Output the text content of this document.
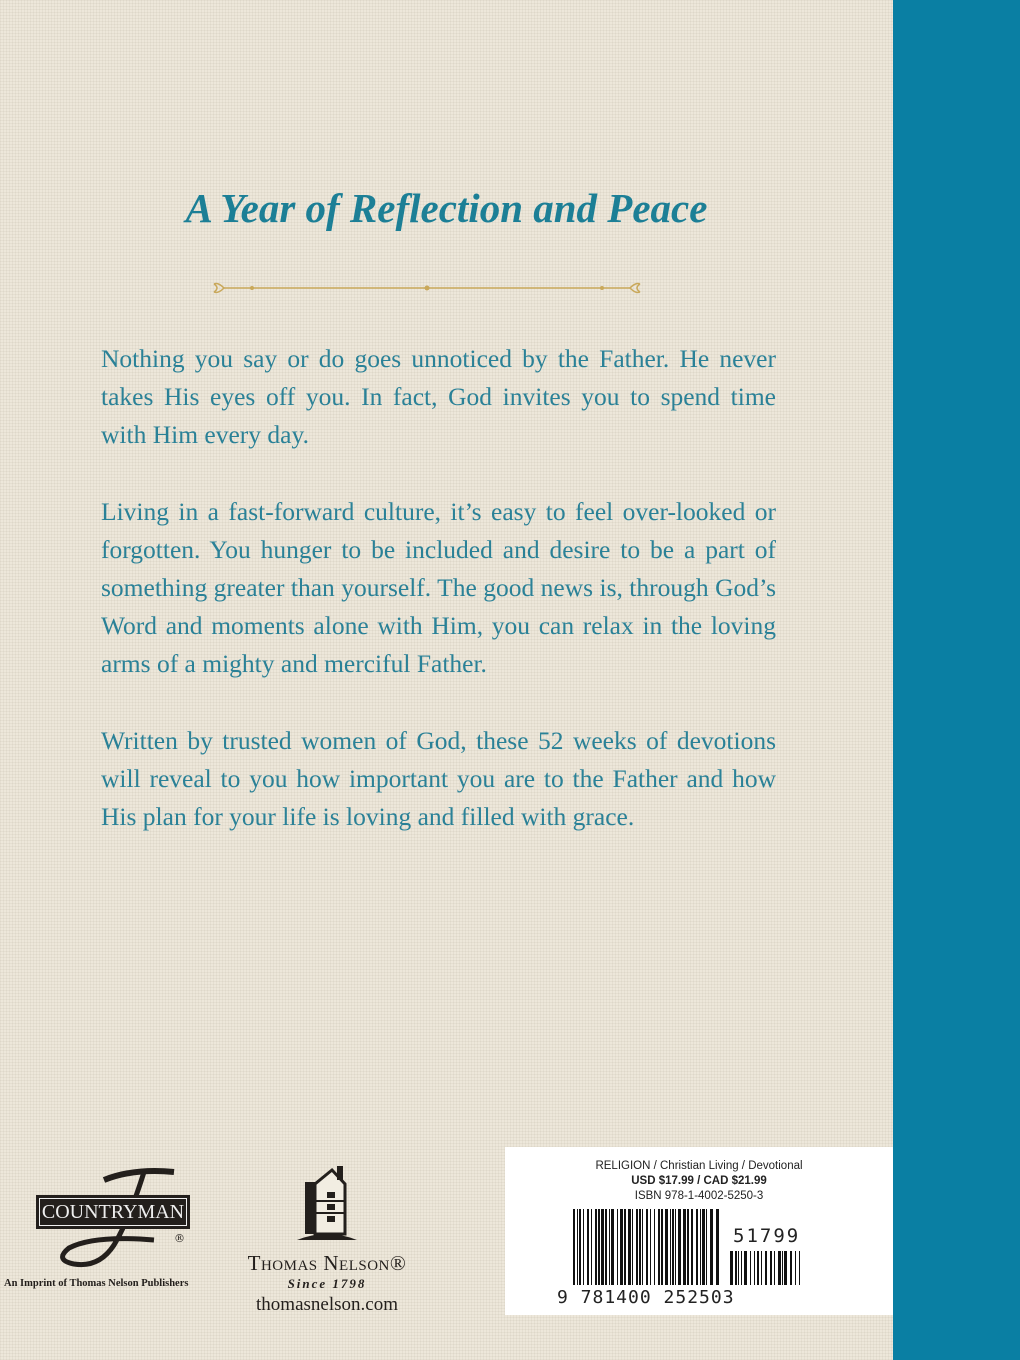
A Year of Reflection and Peace

Nothing you say or do goes unnoticed by the Father. He never takes His eyes off you. In fact, God invites you to spend time with Him every day.

Living in a fast-forward culture, it’s easy to feel over-looked or forgotten. You hunger to be included and desire to be a part of something greater than yourself. The good news is, through God’s Word and moments alone with Him, you can relax in the loving arms of a mighty and merciful Father.

Written by trusted women of God, these 52 weeks of devotions will reveal to you how important you are to the Father and how His plan for your life is loving and filled with grace.

COUNTRYMAN
®
An Imprint of Thomas Nelson Publishers
Thomas Nelson®
Since 1798
thomasnelson.com
RELIGION / Christian Living / Devotional
USD $17.99 / CAD $21.99
ISBN 978-1-4002-5250-3
9 781400 252503
51799
